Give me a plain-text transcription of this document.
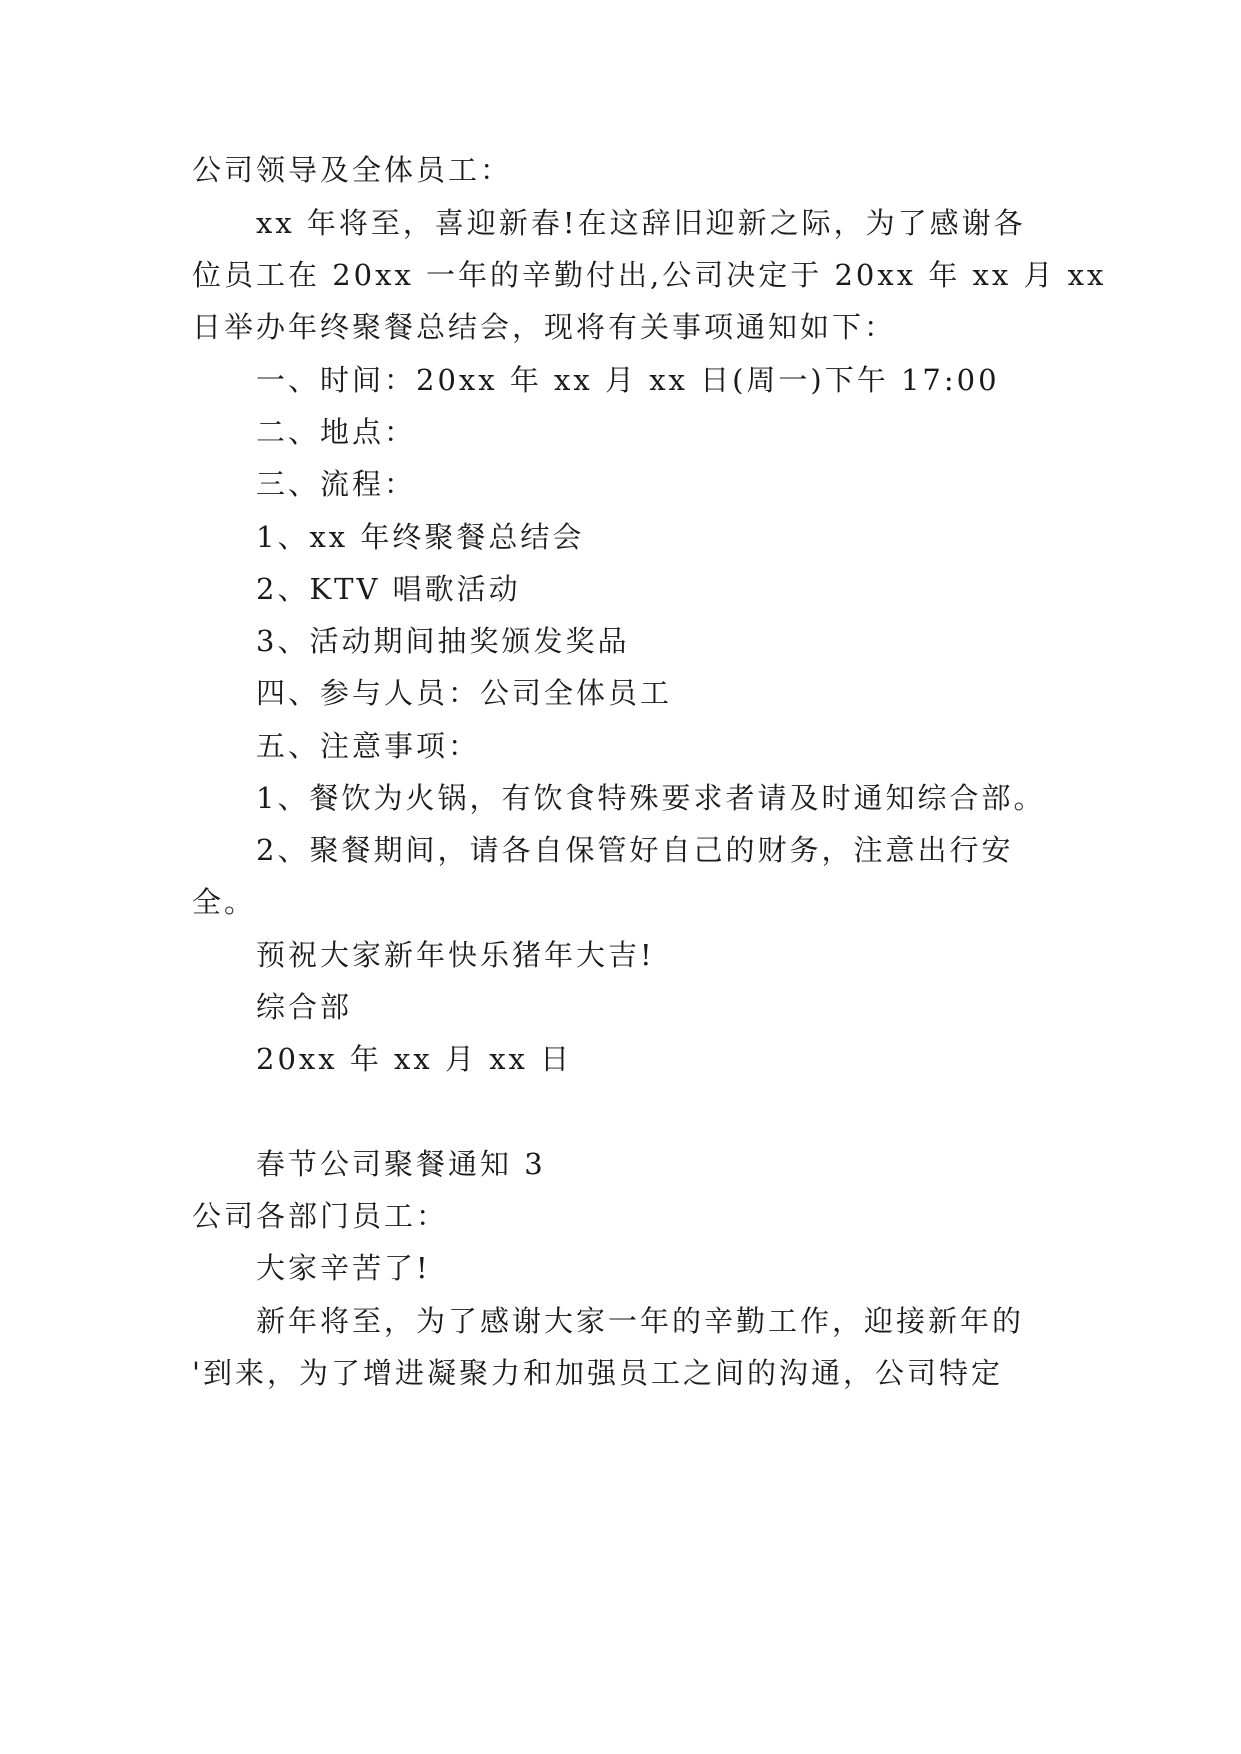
公司领导及全体员工：
xx 年将至，喜迎新春!在这辞旧迎新之际，为了感谢各
位员工在 20xx 一年的辛勤付出,公司决定于 20xx 年 xx 月 xx
日举办年终聚餐总结会，现将有关事项通知如下：
一、时间：20xx 年 xx 月 xx 日(周一)下午 17:00
二、地点：
三、流程：
1、xx 年终聚餐总结会
2、KTV 唱歌活动
3、活动期间抽奖颁发奖品
四、参与人员：公司全体员工
五、注意事项：
1、餐饮为火锅，有饮食特殊要求者请及时通知综合部。
2、聚餐期间，请各自保管好自己的财务，注意出行安
全。
预祝大家新年快乐猪年大吉!
综合部
20xx 年 xx 月 xx 日
春节公司聚餐通知 3
公司各部门员工：
大家辛苦了!
新年将至，为了感谢大家一年的辛勤工作，迎接新年的
'到来，为了增进凝聚力和加强员工之间的沟通，公司特定
